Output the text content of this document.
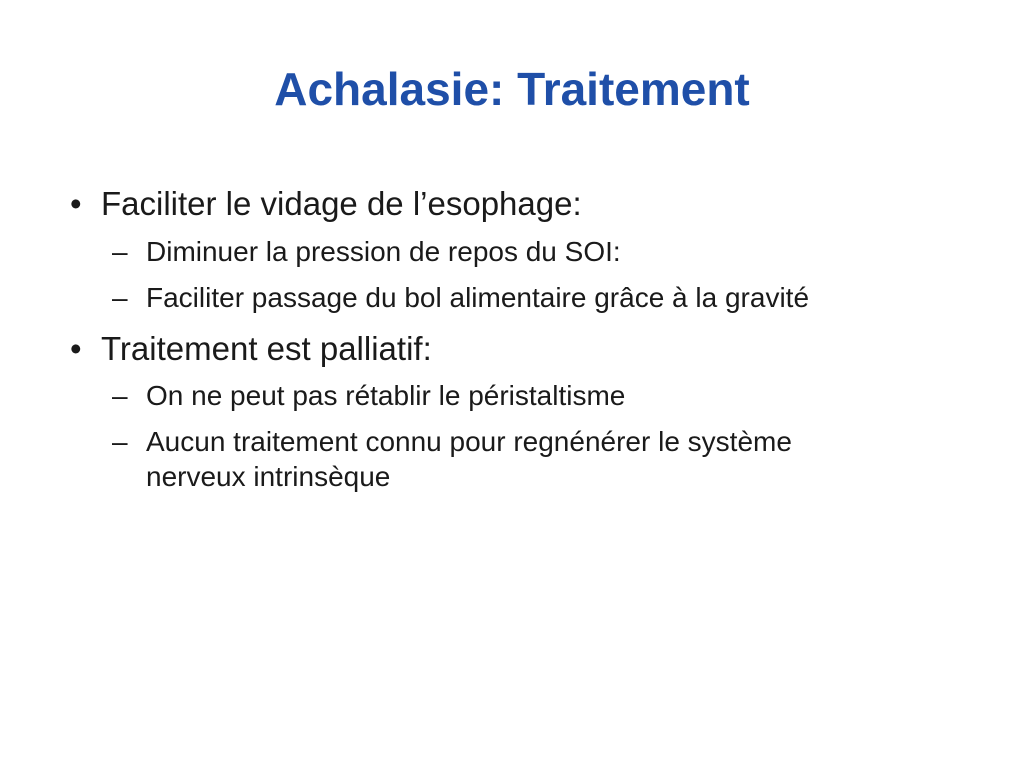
Achalasie: Traitement
• Faciliter le vidage de l’esophage:
– Diminuer la pression de repos du SOI:
– Faciliter passage du bol alimentaire grâce à la gravité
• Traitement est palliatif:
– On ne peut pas rétablir le péristaltisme
– Aucun traitement connu pour regnénérer le système nerveux intrinsèque
